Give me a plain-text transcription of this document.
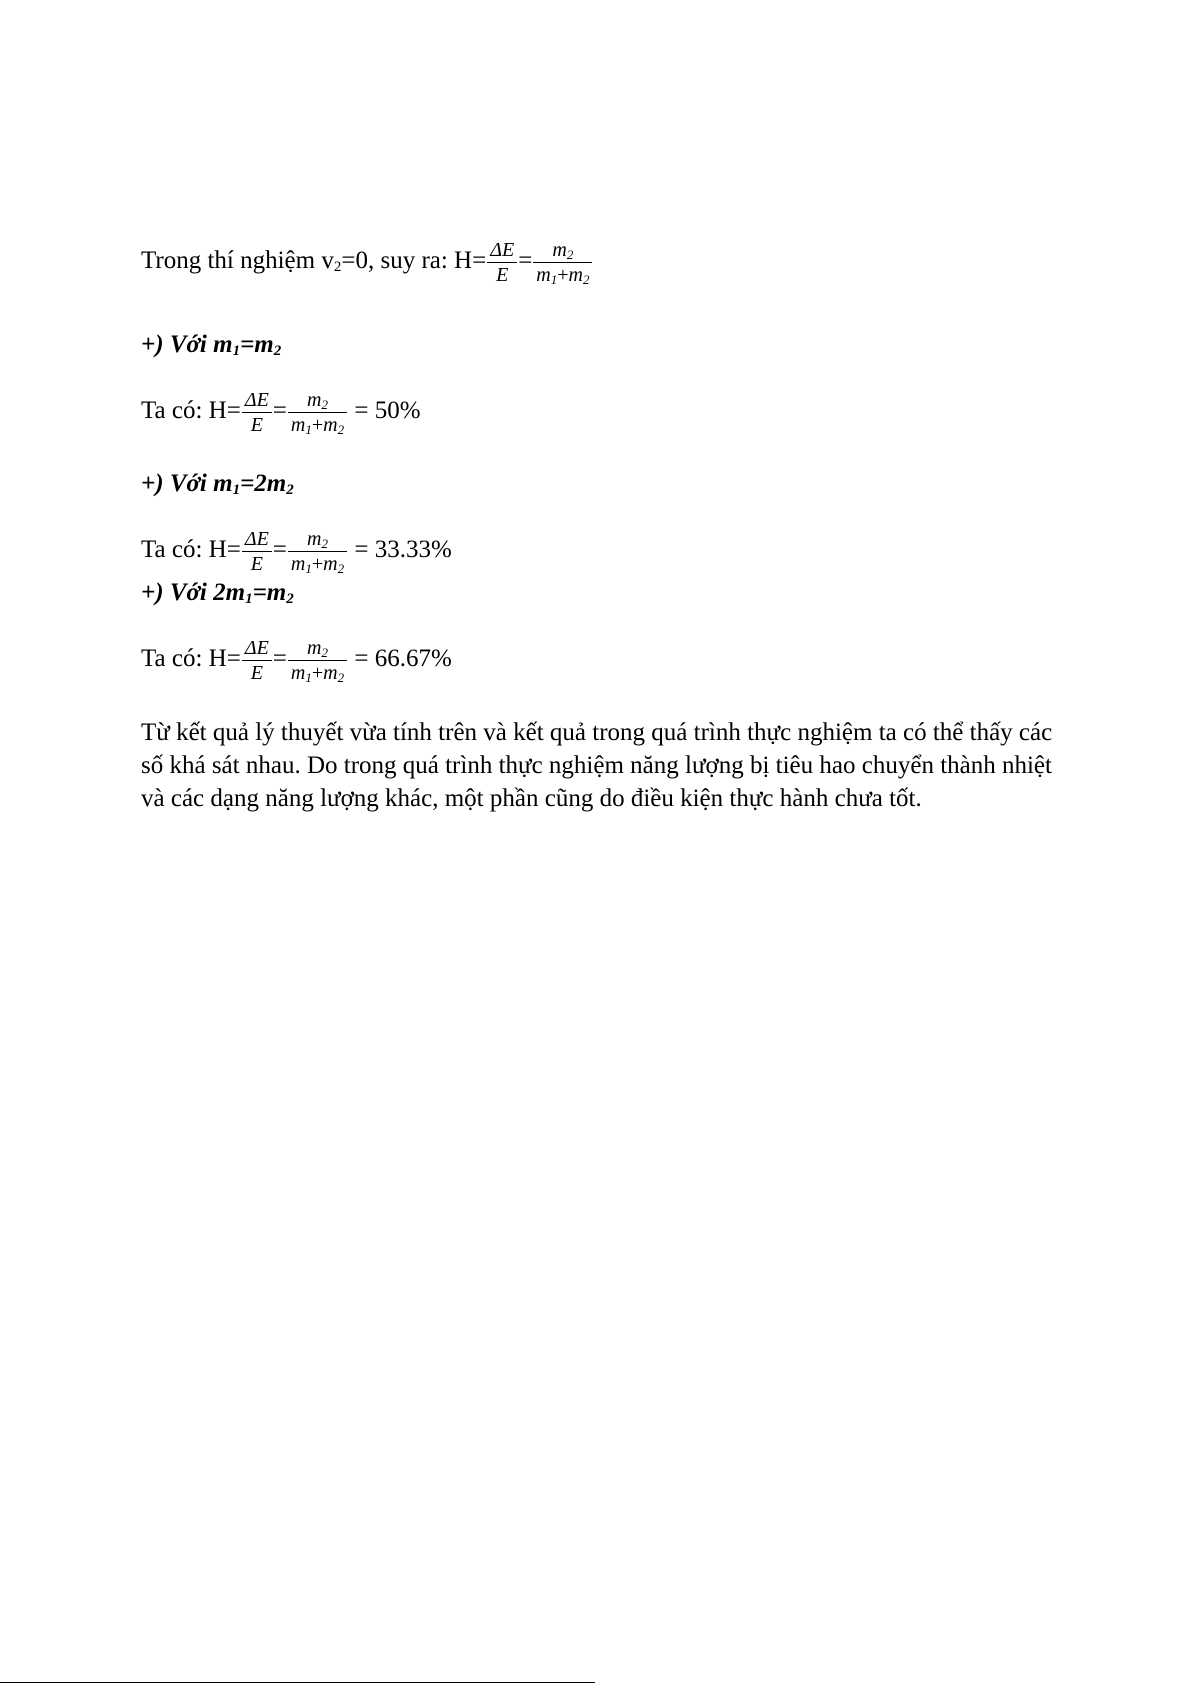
Trong thí nghiệm $v_2=0$, suy ra: $H= \frac{\Delta E}{E} = \frac{m_2}{m_1+m_2}$
+) Với $m_1=m_2$
Ta có: $H= \frac{\Delta E}{E} = \frac{m_2}{m_1+m_2} = 50\%$
+) Với $m_1=2m_2$
Ta có: $H= \frac{\Delta E}{E} = \frac{m_2}{m_1+m_2} = 33.33\%$
+) Với $2m_1=m_2$
Ta có: $H= \frac{\Delta E}{E} = \frac{m_2}{m_1+m_2} = 66.67\%$
Từ kết quả lý thuyết vừa tính trên và kết quả trong quá trình thực nghiệm ta có thể thấy các số khá sát nhau. Do trong quá trình thực nghiệm năng lượng bị tiêu hao chuyển thành nhiệt và các dạng năng lượng khác, một phần cũng do điều kiện thực hành chưa tốt.
